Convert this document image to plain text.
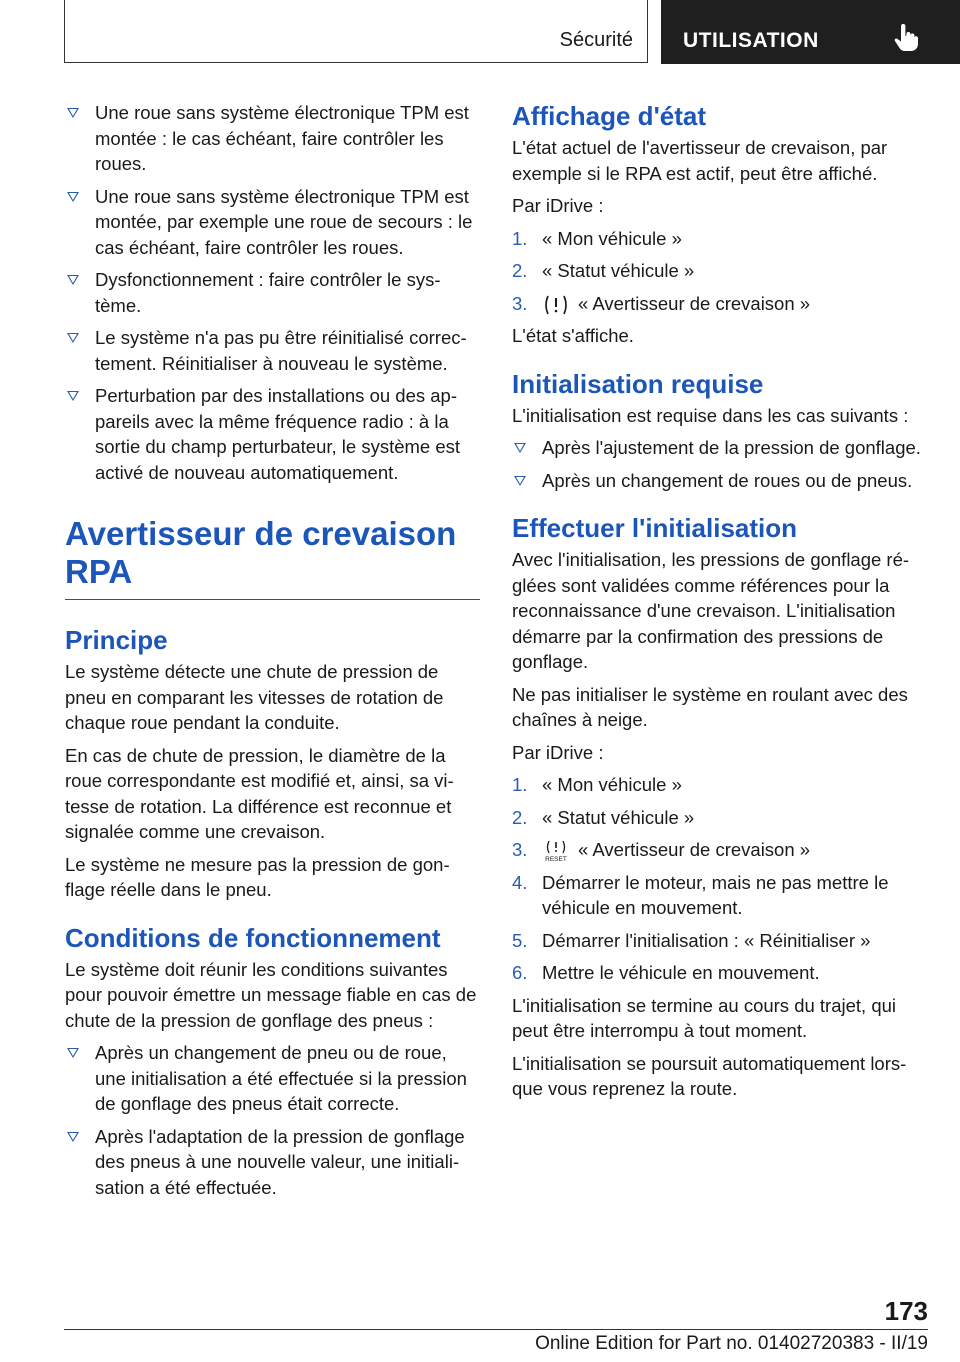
Sécurité UTILISATION
Une roue sans système électronique TPM est montée : le cas échéant, faire contrôler les roues.
Une roue sans système électronique TPM est montée, par exemple une roue de secours : le cas échéant, faire contrôler les roues.
Dysfonctionnement : faire contrôler le système.
Le système n'a pas pu être réinitialisé correctement. Réinitialiser à nouveau le système.
Perturbation par des installations ou des appareils avec la même fréquence radio : à la sortie du champ perturbateur, le système est activé de nouveau automatiquement.
Avertisseur de crevaison RPA
Principe

Le système détecte une chute de pression de pneu en comparant les vitesses de rotation de chaque roue pendant la conduite.

En cas de chute de pression, le diamètre de la roue correspondante est modifié et, ainsi, sa vitesse de rotation. La différence est reconnue et signalée comme une crevaison.

Le système ne mesure pas la pression de gonflage réelle dans le pneu.

Conditions de fonctionnement

Le système doit réunir les conditions suivantes pour pouvoir émettre un message fiable en cas de chute de la pression de gonflage des pneus :

Après un changement de pneu ou de roue, une initialisation a été effectuée si la pression de gonflage des pneus était correcte.
Après l'adaptation de la pression de gonflage des pneus à une nouvelle valeur, une initialisation a été effectuée.
Affichage d'état

L'état actuel de l'avertisseur de crevaison, par exemple si le RPA est actif, peut être affiché.

Par iDrive :

1. « Mon véhicule »
2. « Statut véhicule »
3.	« Avertisseur de crevaison »

L'état s'affiche.

Initialisation requise

L'initialisation est requise dans les cas suivants :

Après l'ajustement de la pression de gonflage.
Après un changement de roues ou de pneus.
Effectuer l'initialisation

Avec l'initialisation, les pressions de gonflage réglées sont validées comme références pour la reconnaissance d'une crevaison. L'initialisation démarre par la confirmation des pressions de gonflage.

Ne pas initialiser le système en roulant avec des chaînes à neige.

Par iDrive :

1. « Mon véhicule »
2. « Statut véhicule »
3.	RESET « Avertisseur de crevaison »
4. Démarrer le moteur, mais ne pas mettre le véhicule en mouvement.
5. Démarrer l'initialisation : « Réinitialiser »
6. Mettre le véhicule en mouvement.

L'initialisation se termine au cours du trajet, qui peut être interrompu à tout moment.

L'initialisation se poursuit automatiquement lorsque vous reprenez la route.

173
Online Edition for Part no. 01402720383 - II/19
